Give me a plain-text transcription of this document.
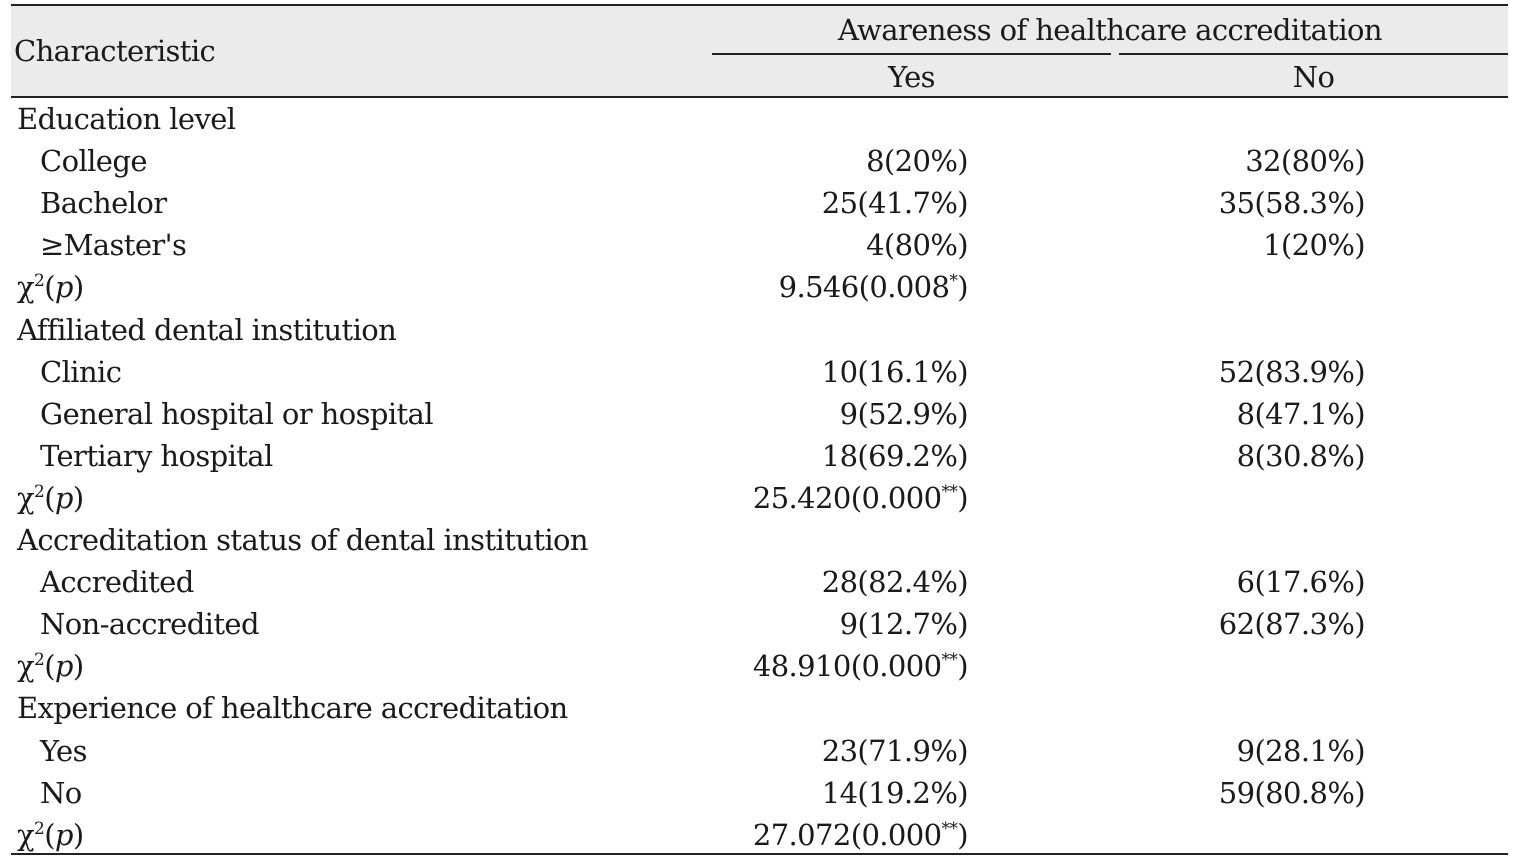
Characteristic
Awareness of healthcare accreditation
Yes	No
Education level
College	8(20%)	32(80%)
Bachelor	25(41.7%)	35(58.3%)
≥Master's	4(80%)	1(20%)
$\chi^2(p)$	9.546(0.008*)
Affiliated dental institution
Clinic	10(16.1%)	52(83.9%)
General hospital or hospital	9(52.9%)	8(47.1%)
Tertiary hospital	18(69.2%)	8(30.8%)
$\chi^2(p)$	25.420(0.000**)
Accreditation status of dental institution
Accredited	28(82.4%)	6(17.6%)
Non-accredited	9(12.7%)	62(87.3%)
$\chi^2(p)$	48.910(0.000**)
Experience of healthcare accreditation
Yes	23(71.9%)	9(28.1%)
No	14(19.2%)	59(80.8%)
$\chi^2(p)$	27.072(0.000**)
